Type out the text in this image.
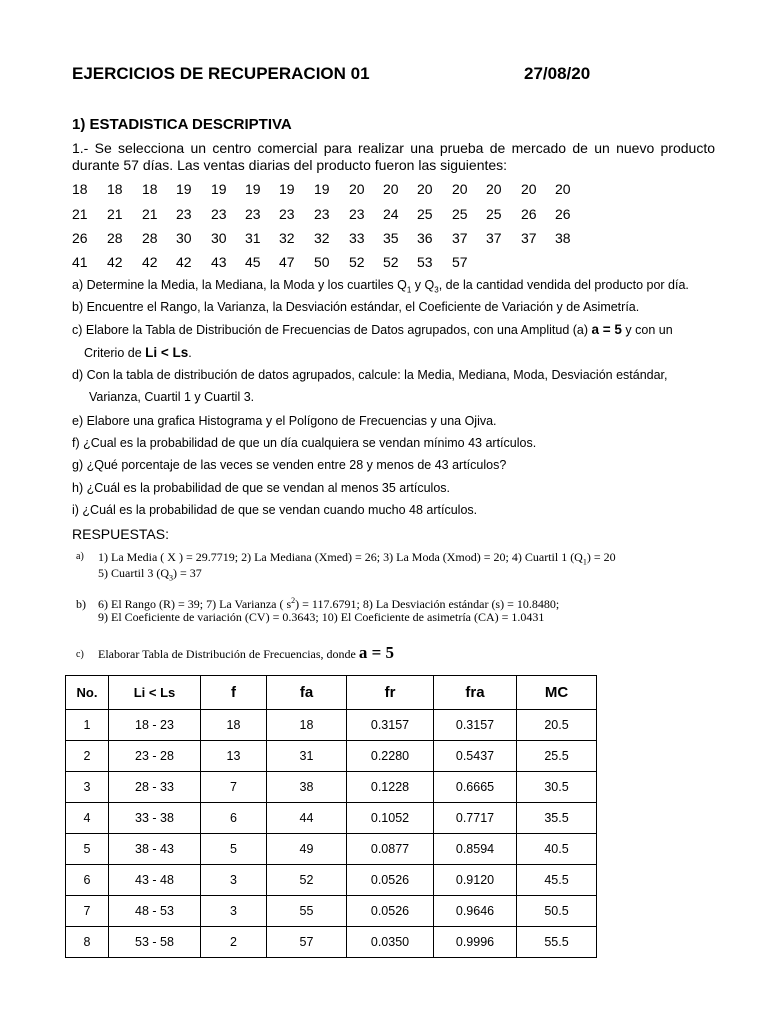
EJERCICIOS DE RECUPERACION 01	27/08/20
1) ESTADISTICA DESCRIPTIVA
1.- Se selecciona un centro comercial para realizar una prueba de mercado de un nuevo producto
durante 57 días. Las ventas diarias del producto fueron las siguientes:
18 18 18 19 19 19 19 19 20 20 20 20 20 20 20
21 21 21 23 23 23 23 23 23 24 25 25 25 26 26
26 28 28 30 30 31 32 32 33 35 36 37 37 37 38
41 42 42 42 43 45 47 50 52 52 53 57
a) Determine la Media, la Mediana, la Moda y los cuartiles $Q_1$ y $Q_3$, de la cantidad vendida del producto por día.
b) Encuentre el Rango, la Varianza, la Desviación estándar, el Coeficiente de Variación y de Asimetría.
c) Elabore la Tabla de Distribución de Frecuencias de Datos agrupados, con una Amplitud (a) a = 5 y con un
Criterio de Li < Ls.
d) Con la tabla de distribución de datos agrupados, calcule: la Media, Mediana, Moda, Desviación estándar,
Varianza, Cuartil 1 y Cuartil 3.
e) Elabore una grafica Histograma y el Polígono de Frecuencias y una Ojiva.
f) ¿Cual es la probabilidad de que un día cualquiera se vendan mínimo 43 artículos.
g) ¿Qué porcentaje de las veces se venden entre 28 y menos de 43 artículos?
h) ¿Cuál es la probabilidad de que se vendan al menos 35 artículos.
i) ¿Cuál es la probabilidad de que se vendan cuando mucho 48 artículos.
RESPUESTAS:
a) 1) La Media ( X ) = 29.7719; 2) La Mediana (Xmed) = 26; 3) La Moda (Xmod) = 20; 4) Cuartil 1 $(Q_1) = 20$
5) Cuartil 3 $(Q_3) = 37$
b) 6) El Rango (R) = 39; 7) La Varianza ( $s^2) = 117.6791$; 8) La Desviación estándar (s) = 10.8480;
9) El Coeficiente de variación (CV) = 0.3643; 10) El Coeficiente de asimetría (CA) = 1.0431
c) Elaborar Tabla de Distribución de Frecuencias, donde a = 5
No.	Li < Ls	f	fa	fr	fra	MC
1	18 - 23	18	18	0.3157	0.3157	20.5
2	23 - 28	13	31	0.2280	0.5437	25.5
3	28 - 33	7	38	0.1228	0.6665	30.5
4	33 - 38	6	44	0.1052	0.7717	35.5
5	38 - 43	5	49	0.0877	0.8594	40.5
6	43 - 48	3	52	0.0526	0.9120	45.5
7	48 - 53	3	55	0.0526	0.9646	50.5
8	53 - 58	2	57	0.0350	0.9996	55.5
